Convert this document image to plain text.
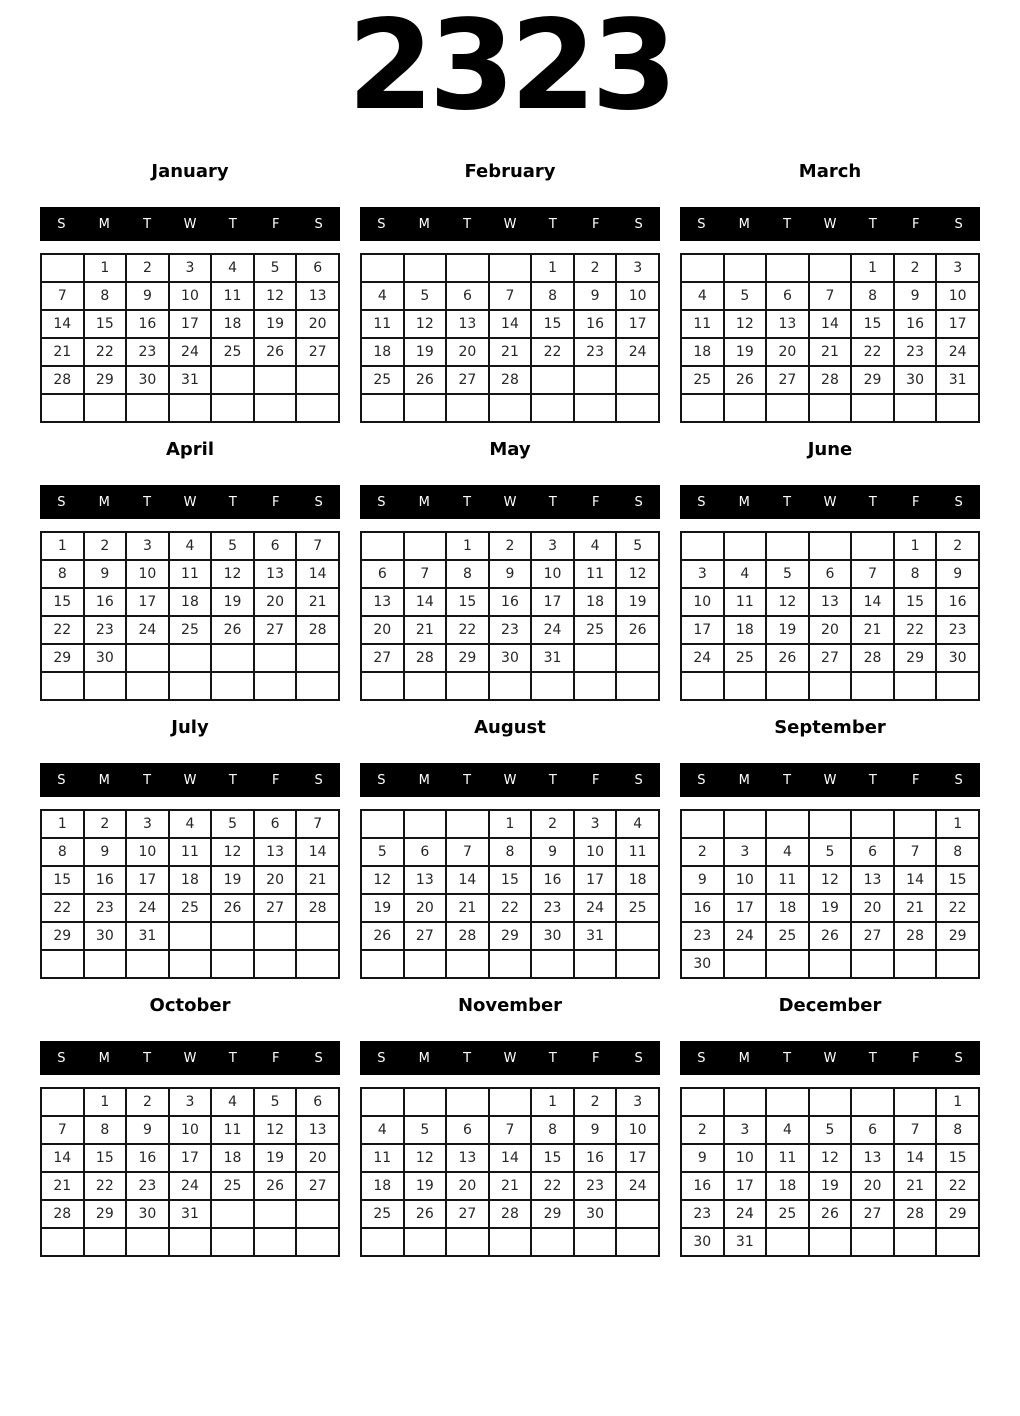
2323
January
S	M	T	W	T	F	S
	1	2	3	4	5	6
7	8	9	10	11	12	13
14	15	16	17	18	19	20
21	22	23	24	25	26	27
28	29	30	31			

February
S	M	T	W	T	F	S
				1	2	3
4	5	6	7	8	9	10
11	12	13	14	15	16	17
18	19	20	21	22	23	24
25	26	27	28			

March
S	M	T	W	T	F	S
				1	2	3
4	5	6	7	8	9	10
11	12	13	14	15	16	17
18	19	20	21	22	23	24
25	26	27	28	29	30	31

April
S	M	T	W	T	F	S
1	2	3	4	5	6	7
8	9	10	11	12	13	14
15	16	17	18	19	20	21
22	23	24	25	26	27	28
29	30					

May
S	M	T	W	T	F	S
		1	2	3	4	5
6	7	8	9	10	11	12
13	14	15	16	17	18	19
20	21	22	23	24	25	26
27	28	29	30	31		

June
S	M	T	W	T	F	S
					1	2
3	4	5	6	7	8	9
10	11	12	13	14	15	16
17	18	19	20	21	22	23
24	25	26	27	28	29	30

July
S	M	T	W	T	F	S
1	2	3	4	5	6	7
8	9	10	11	12	13	14
15	16	17	18	19	20	21
22	23	24	25	26	27	28
29	30	31				

August
S	M	T	W	T	F	S
			1	2	3	4
5	6	7	8	9	10	11
12	13	14	15	16	17	18
19	20	21	22	23	24	25
26	27	28	29	30	31	

September
S	M	T	W	T	F	S
						1
2	3	4	5	6	7	8
9	10	11	12	13	14	15
16	17	18	19	20	21	22
23	24	25	26	27	28	29
30						
October
S	M	T	W	T	F	S
	1	2	3	4	5	6
7	8	9	10	11	12	13
14	15	16	17	18	19	20
21	22	23	24	25	26	27
28	29	30	31			

November
S	M	T	W	T	F	S
				1	2	3
4	5	6	7	8	9	10
11	12	13	14	15	16	17
18	19	20	21	22	23	24
25	26	27	28	29	30	

December
S	M	T	W	T	F	S
						1
2	3	4	5	6	7	8
9	10	11	12	13	14	15
16	17	18	19	20	21	22
23	24	25	26	27	28	29
30	31					
